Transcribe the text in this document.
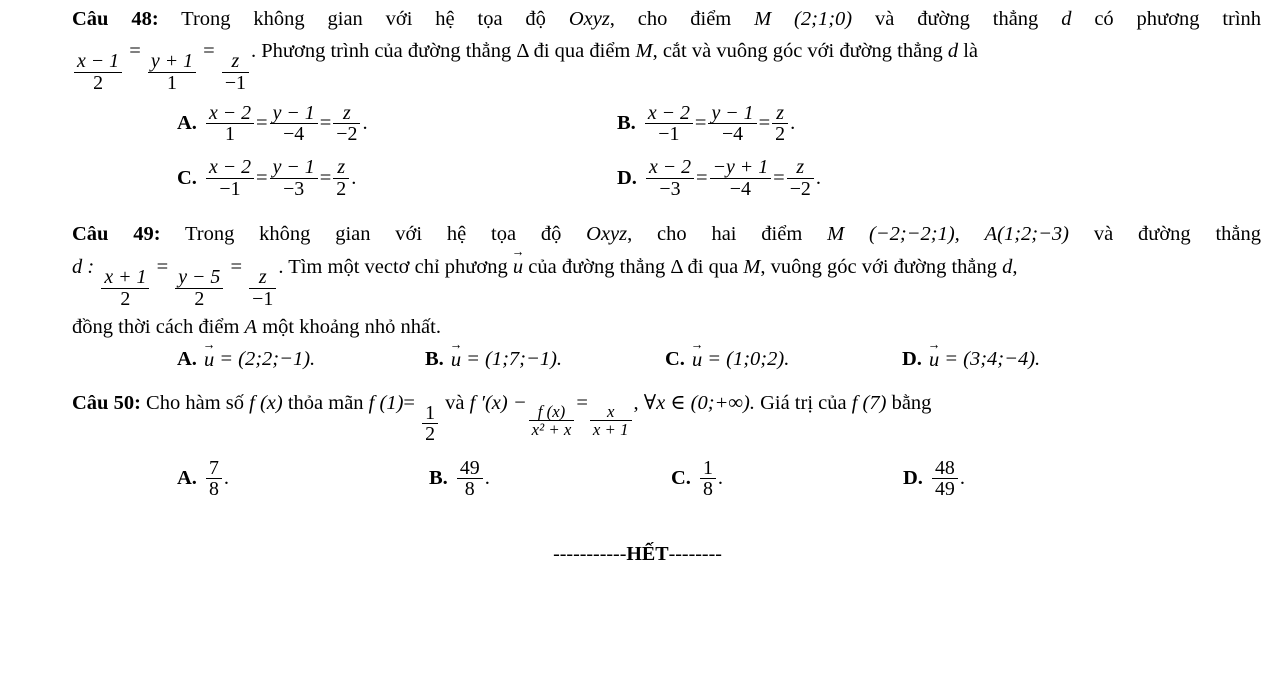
Câu 48: Trong không gian với hệ tọa độ Oxyz, cho điểm M (2;1;0) và đường thẳng d có phương trình
$\frac{x - 1}{2}$
=
$\frac{y + 1}{1}$
=
$\frac{z}{-1}$
. Phương trình của đường thẳng Δ đi qua điểm M, cắt và vuông góc với đường thẳng d là
A. $\frac{x - 2}{1} = \frac{y - 1}{-4} = \frac{z}{-2}$ .	B. $\frac{x - 2}{-1} = \frac{y - 1}{-4} = \frac{z}{2}$ .
C. $\frac{x - 2}{-1} = \frac{y - 1}{-3} = \frac{z}{2}$ .	D. $\frac{x - 2}{-3} = \frac{-y + 1}{-4} = \frac{z}{-2}$ .
Câu 49: Trong không gian với hệ tọa độ Oxyz, cho hai điểm M (−2;−2;1), A(1;2;−3) và đường thẳng
d :
$\frac{x + 1}{2}$
=
$\frac{y - 5}{2}$
=
$\frac{z}{-1}$
. Tìm một vectơ chỉ phương → u của đường thẳng Δ đi qua M, vuông góc với đường thẳng d,
đồng thời cách điểm A một khoảng nhỏ nhất.
A. → u = (2;2;−1).	B. → u = (1;7;−1).	C. → u = (1;0;2).	D. → u = (3;4;−4).
Câu 50: Cho hàm số f (x) thỏa mãn f (1)=
$\frac{1}{2}$
và f ′(x) −
$\frac{f (x)}{\text{x² + x}}$
=
$\frac{x}{x + 1}$
, ∀x ∈ (0;+∞). Giá trị của f (7) bằng
A. $\frac{7}{8}$ .	B. $\frac{49}{8}$ .	C. $\frac{1}{8}$ .	D. $\frac{48}{49}$ .
-----------HẾT--------
